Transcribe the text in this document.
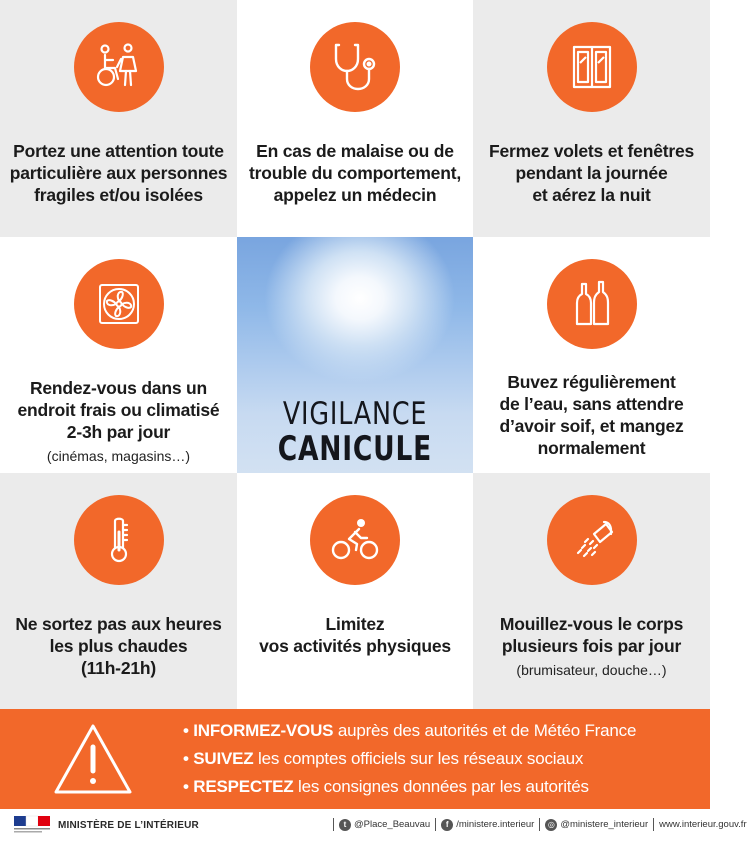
Portez une attention toute
particulière aux personnes
fragiles et/ou isolées
En cas de malaise ou de
trouble du comportement,
appelez un médecin
Fermez volets et fenêtres
pendant la journée
et aérez la nuit
Rendez-vous dans un
endroit frais ou climatisé
2-3h par jour
(cinémas, magasins…)
VIGILANCE
CANICULE
Buvez régulièrement
de l’eau, sans attendre
d’avoir soif, et mangez
normalement
Ne sortez pas aux heures
les plus chaudes
(11h-21h)
Limitez
vos activités physiques
Mouillez-vous le corps
plusieurs fois par jour
(brumisateur, douche…)
• INFORMEZ-VOUS auprès des autorités et de Météo France
• SUIVEZ les comptes officiels sur les réseaux sociaux
• RESPECTEZ les consignes données par les autorités
MINISTÈRE DE L’INTÉRIEUR	t @Place_Beauvau	f /ministere.interieur	◎ @ministere_interieur www.interieur.gouv.fr
